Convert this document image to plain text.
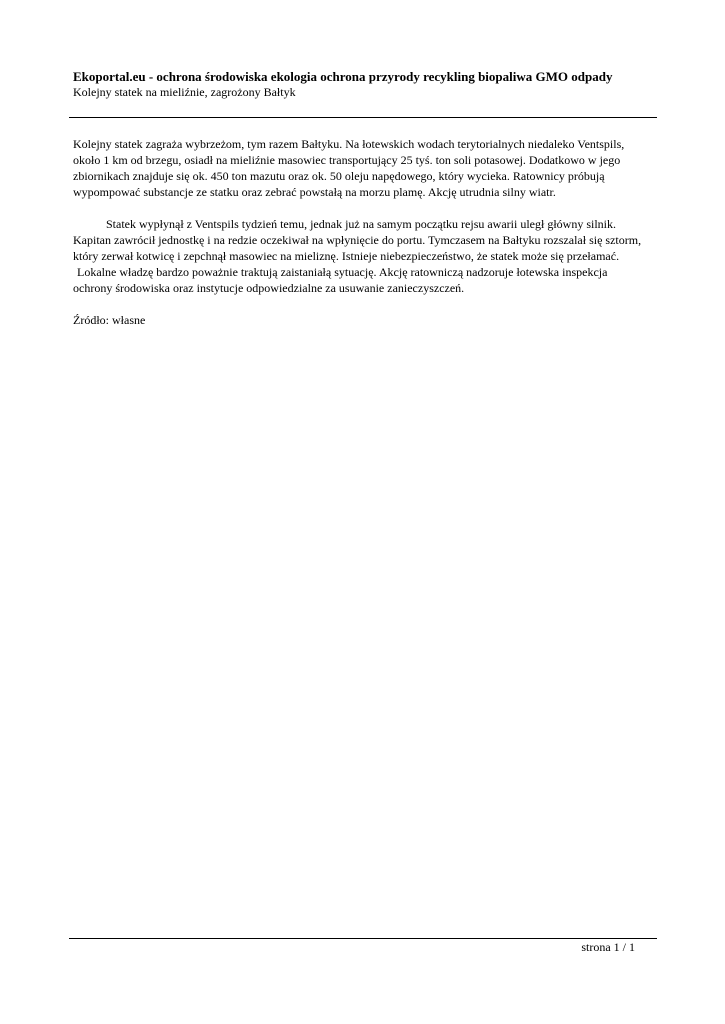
Ekoportal.eu - ochrona środowiska ekologia ochrona przyrody recykling biopaliwa GMO odpady
Kolejny statek na mieliźnie, zagrożony Bałtyk
Kolejny statek zagraża wybrzeżom, tym razem Bałtyku. Na łotewskich wodach terytorialnych niedaleko Ventspils,
około 1 km od brzegu, osiadł na mieliźnie masowiec transportujący 25 tyś. ton soli potasowej. Dodatkowo w jego
zbiornikach znajduje się ok. 450 ton mazutu oraz ok. 50 oleju napędowego, który wycieka. Ratownicy próbują
wypompować substancje ze statku oraz zebrać powstałą na morzu plamę. Akcję utrudnia silny wiatr.
Statek wypłynął z Ventspils tydzień temu, jednak już na samym początku rejsu awarii uległ główny silnik.
Kapitan zawrócił jednostkę i na redzie oczekiwał na wpłynięcie do portu. Tymczasem na Bałtyku rozszalał się sztorm,
który zerwał kotwicę i zepchnął masowiec na mieliznę. Istnieje niebezpieczeństwo, że statek może się przełamać.
Lokalne władzę bardzo poważnie traktują zaistaniałą sytuację. Akcję ratowniczą nadzoruje łotewska inspekcja
ochrony środowiska oraz instytucje odpowiedzialne za usuwanie zanieczyszczeń.
Źródło: własne
strona 1 / 1
